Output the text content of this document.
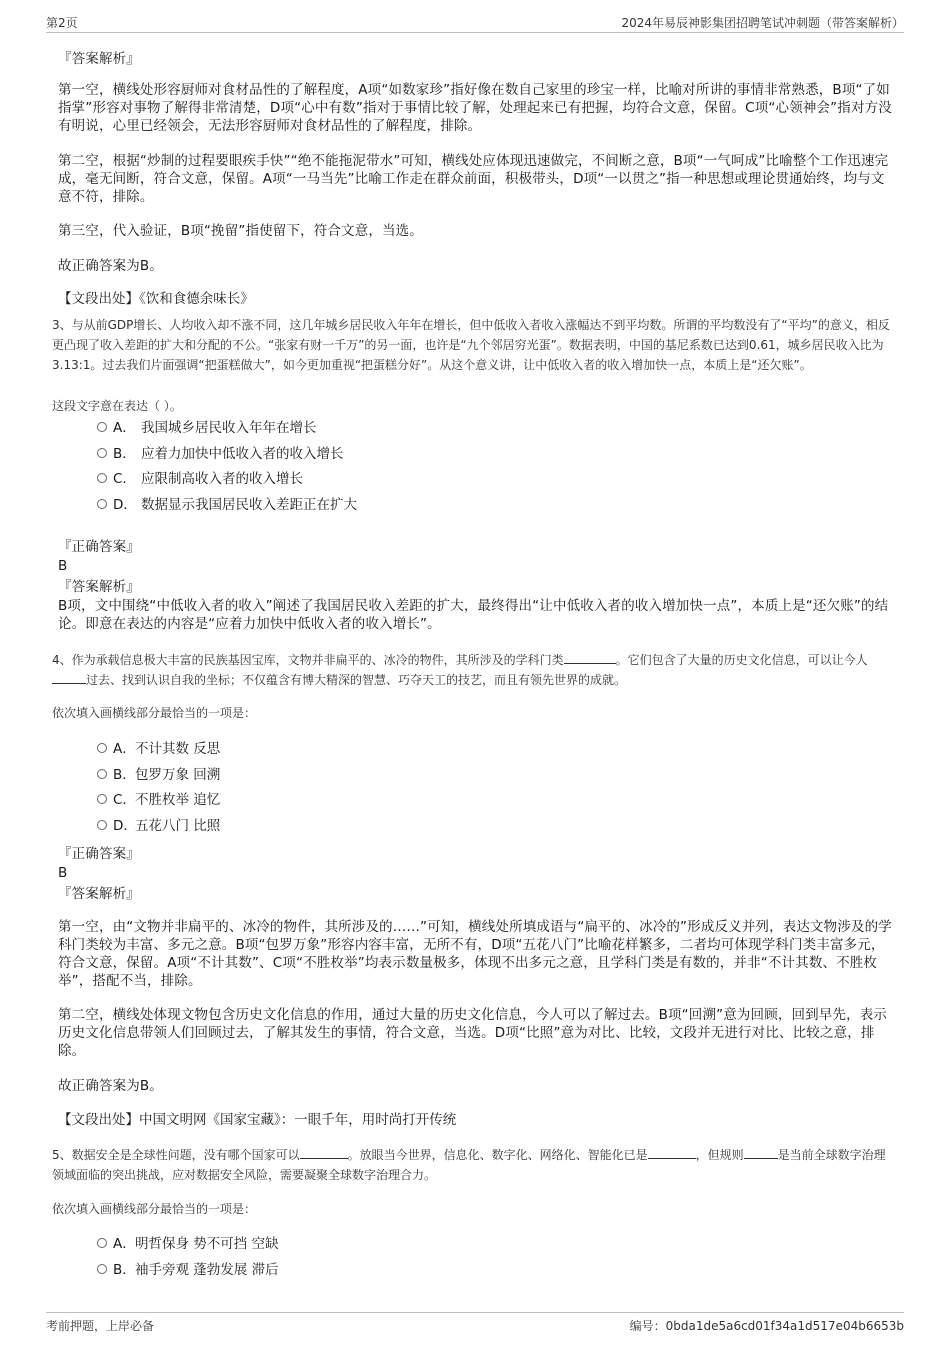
第2页	2024年易辰神影集团招聘笔试冲刺题（带答案解析）
『答案解析』
第一空，横线处形容厨师对食材品性的了解程度，A项“如数家珍”指好像在数自己家里的珍宝一样，比喻对所讲的事情非常熟悉，B项“了如指掌”形容对事物了解得非常清楚，D项“心中有数”指对于事情比较了解，处理起来已有把握，均符合文意，保留。C项“心领神会”指对方没有明说，心里已经领会，无法形容厨师对食材品性的了解程度，排除。
第二空，根据“炒制的过程要眼疾手快”“绝不能拖泥带水”可知，横线处应体现迅速做完，不间断之意，B项“一气呵成”比喻整个工作迅速完成，毫无间断，符合文意，保留。A项“一马当先”比喻工作走在群众前面，积极带头，D项“一以贯之”指一种思想或理论贯通始终，均与文意不符，排除。
第三空，代入验证，B项“挽留”指使留下，符合文意，当选。
故正确答案为B。
【文段出处】《饮和食德余味长》
3、与从前GDP增长、人均收入却不涨不同，这几年城乡居民收入年年在增长，但中低收入者收入涨幅达不到平均数。所谓的平均数没有了“平均”的意义，相反更凸现了收入差距的扩大和分配的不公。“张家有财一千万”的另一面，也许是“九个邻居穷光蛋”。数据表明，中国的基尼系数已达到0.61，城乡居民收入比为3.13:1。过去我们片面强调“把蛋糕做大”，如今更加重视“把蛋糕分好”。从这个意义讲，让中低收入者的收入增加快一点，本质上是“还欠账”。
这段文字意在表达（ ）。
A． 我国城乡居民收入年年在增长
B． 应着力加快中低收入者的收入增长
C． 应限制高收入者的收入增长
D． 数据显示我国居民收入差距正在扩大
『正确答案』
B
『答案解析』
B项，文中围绕“中低收入者的收入”阐述了我国居民收入差距的扩大，最终得出“让中低收入者的收入增加快一点”，本质上是“还欠账”的结论。即意在表达的内容是“应着力加快中低收入者的收入增长”。
4、作为承载信息极大丰富的民族基因宝库，文物并非扁平的、冰冷的物件，其所涉及的学科门类	。它们包含了大量的历史文化信息，可以让今人过去、找到认识自我的坐标；不仅蕴含有博大精深的智慧、巧夺天工的技艺，而且有领先世界的成就。
依次填入画横线部分最恰当的一项是：
A．不计其数 反思
B．包罗万象 回溯
C．不胜枚举 追忆
D．五花八门 比照
『正确答案』
B
『答案解析』
第一空，由“文物并非扁平的、冰冷的物件，其所涉及的……”可知，横线处所填成语与“扁平的、冰冷的”形成反义并列，表达文物涉及的学科门类较为丰富、多元之意。B项“包罗万象”形容内容丰富，无所不有，D项“五花八门”比喻花样繁多，二者均可体现学科门类丰富多元，符合文意，保留。A项“不计其数”、C项“不胜枚举”均表示数量极多，体现不出多元之意，且学科门类是有数的，并非“不计其数、不胜枚举”，搭配不当，排除。
第二空，横线处体现文物包含历史文化信息的作用，通过大量的历史文化信息，今人可以了解过去。B项“回溯”意为回顾，回到早先，表示历史文化信息带领人们回顾过去，了解其发生的事情，符合文意，当选。D项“比照”意为对比、比较，文段并无进行对比、比较之意，排除。
故正确答案为B。
【文段出处】中国文明网《国家宝藏》：一眼千年，用时尚打开传统
5、数据安全是全球性问题，没有哪个国家可以	。放眼当今世界，信息化、数字化、网络化、智能化已是	，但规则	是当前全球数字治理领域面临的突出挑战，应对数据安全风险，需要凝聚全球数字治理合力。
依次填入画横线部分最恰当的一项是：
A．明哲保身 势不可挡 空缺
B．袖手旁观 蓬勃发展 滞后
考前押题，上岸必备	编号：0bda1de5a6cd01f34a1d517e04b6653b
